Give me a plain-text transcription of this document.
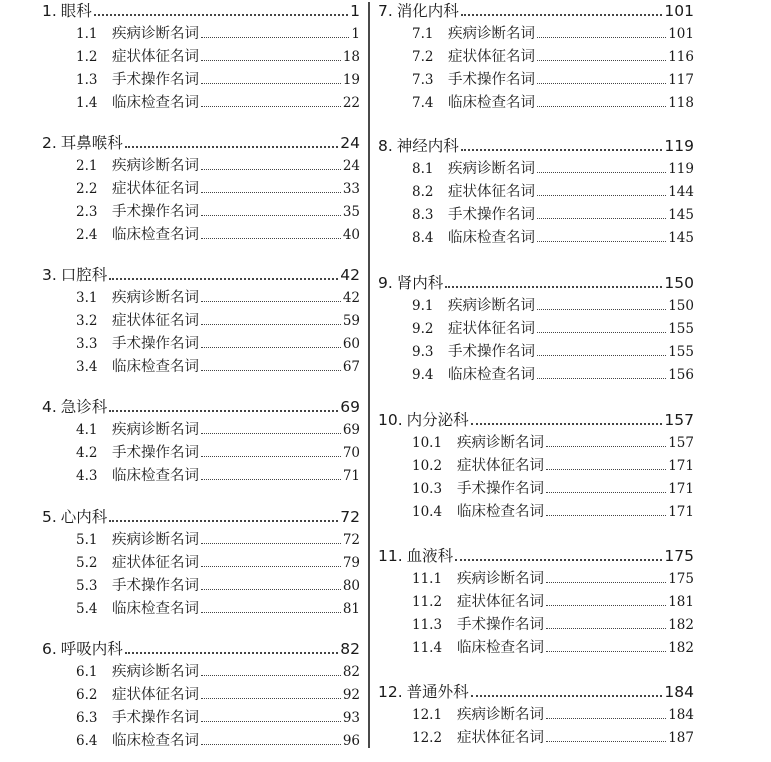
1. 眼科	1
1.1	疾病诊断名词	1
1.2	症状体征名词	18
1.3	手术操作名词	19
1.4	临床检查名词	22
2. 耳鼻喉科	24
2.1	疾病诊断名词	24
2.2	症状体征名词	33
2.3	手术操作名词	35
2.4	临床检查名词	40
3. 口腔科	42
3.1	疾病诊断名词	42
3.2	症状体征名词	59
3.3	手术操作名词	60
3.4	临床检查名词	67
4. 急诊科	69
4.1	疾病诊断名词	69
4.2	手术操作名词	70
4.3	临床检查名词	71
5. 心内科	72
5.1	疾病诊断名词	72
5.2	症状体征名词	79
5.3	手术操作名词	80
5.4	临床检查名词	81
6. 呼吸内科	82
6.1	疾病诊断名词	82
6.2	症状体征名词	92
6.3	手术操作名词	93
6.4	临床检查名词	96
7. 消化内科	101
7.1	疾病诊断名词	101
7.2	症状体征名词	116
7.3	手术操作名词	117
7.4	临床检查名词	118
8. 神经内科	119
8.1	疾病诊断名词	119
8.2	症状体征名词	144
8.3	手术操作名词	145
8.4	临床检查名词	145
9. 肾内科	150
9.1	疾病诊断名词	150
9.2	症状体征名词	155
9.3	手术操作名词	155
9.4	临床检查名词	156
10. 内分泌科	157
10.1	疾病诊断名词	157
10.2	症状体征名词	171
10.3	手术操作名词	171
10.4	临床检查名词	171
11. 血液科	175
11.1	疾病诊断名词	175
11.2	症状体征名词	181
11.3	手术操作名词	182
11.4	临床检查名词	182
12. 普通外科	184
12.1	疾病诊断名词	184
12.2	症状体征名词	187
